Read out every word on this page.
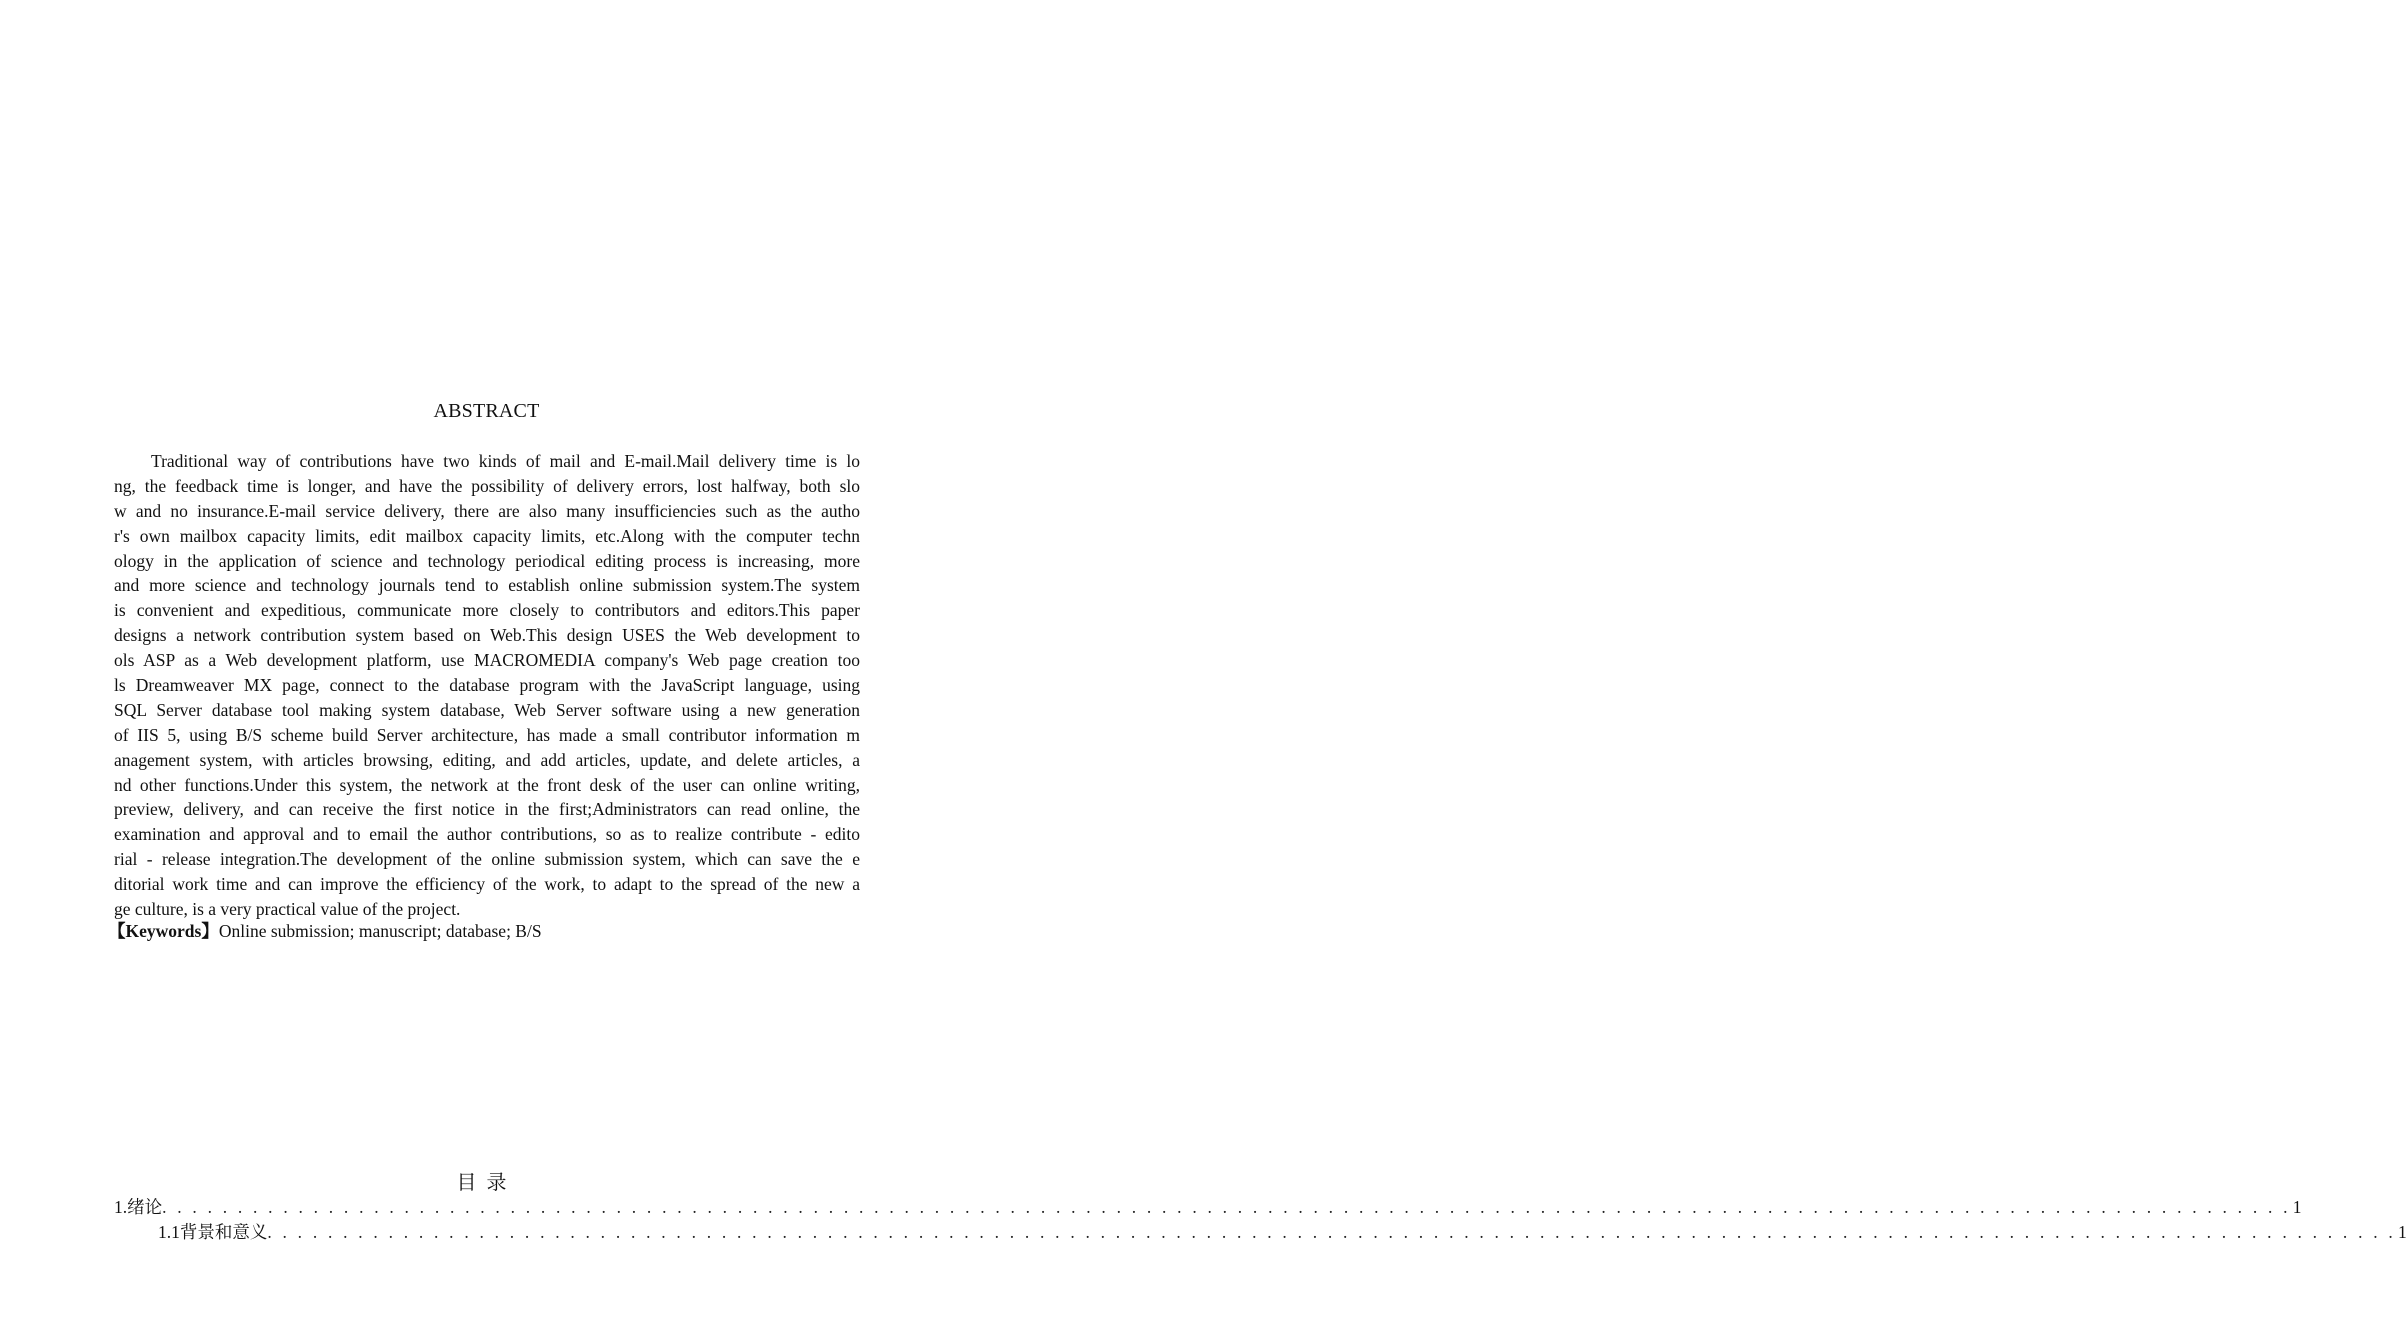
ABSTRACT
Traditional way of contributions have two kinds of mail and E-mail.Mail delivery time is lo
ng, the feedback time is longer, and have the possibility of delivery errors, lost halfway, both slo
w and no insurance.E-mail service delivery, there are also many insufficiencies such as the autho
r's own mailbox capacity limits, edit mailbox capacity limits, etc.Along with the computer techn
ology in the application of science and technology periodical editing process is increasing, more
and more science and technology journals tend to establish online submission system.The system
is convenient and expeditious, communicate more closely to contributors and editors.This paper
designs a network contribution system based on Web.This design USES the Web development to
ols ASP as a Web development platform, use MACROMEDIA company's Web page creation too
ls Dreamweaver MX page, connect to the database program with the JavaScript language, using
SQL Server database tool making system database, Web Server software using a new generation
of IIS 5, using B/S scheme build Server architecture, has made a small contributor information m
anagement system, with articles browsing, editing, and add articles, update, and delete articles, a
nd other functions.Under this system, the network at the front desk of the user can online writing,
preview, delivery, and can receive the first notice in the first;Administrators can read online, the
examination and approval and to email the author contributions, so as to realize contribute - edito
rial - release integration.The development of the online submission system, which can save the e
ditorial work time and can improve the efficiency of the work, to adapt to the spread of the new a
ge culture, is a very practical value of the project.
【Keywords】Online submission; manuscript; database; B/S
目录
1. 绪论 . . . . . . . . . . . . . . . . . . . . . . . . . . . . . . . . . . . . . . . . . . . . . . . . . . . . . . . . . . . . . . . . . . . . . . . . . . . . . . . . . . . . . . . . . . . . . . . . . . . . . . . . . . . . . . . . . . . . . . . . . . . . . . . . . . . . . . . . . . . . . 1
1.1 背景和意义 . . . . . . . . . . . . . . . . . . . . . . . . . . . . . . . . . . . . . . . . . . . . . . . . . . . . . . . . . . . . . . . . . . . . . . . . . . . . . . . . . . . . . . . . . . . . . . . . . . . . . . . . . . . . . . . . . . . . . . . . . . . . . . . . . . . . . . . . . . . . . 1
